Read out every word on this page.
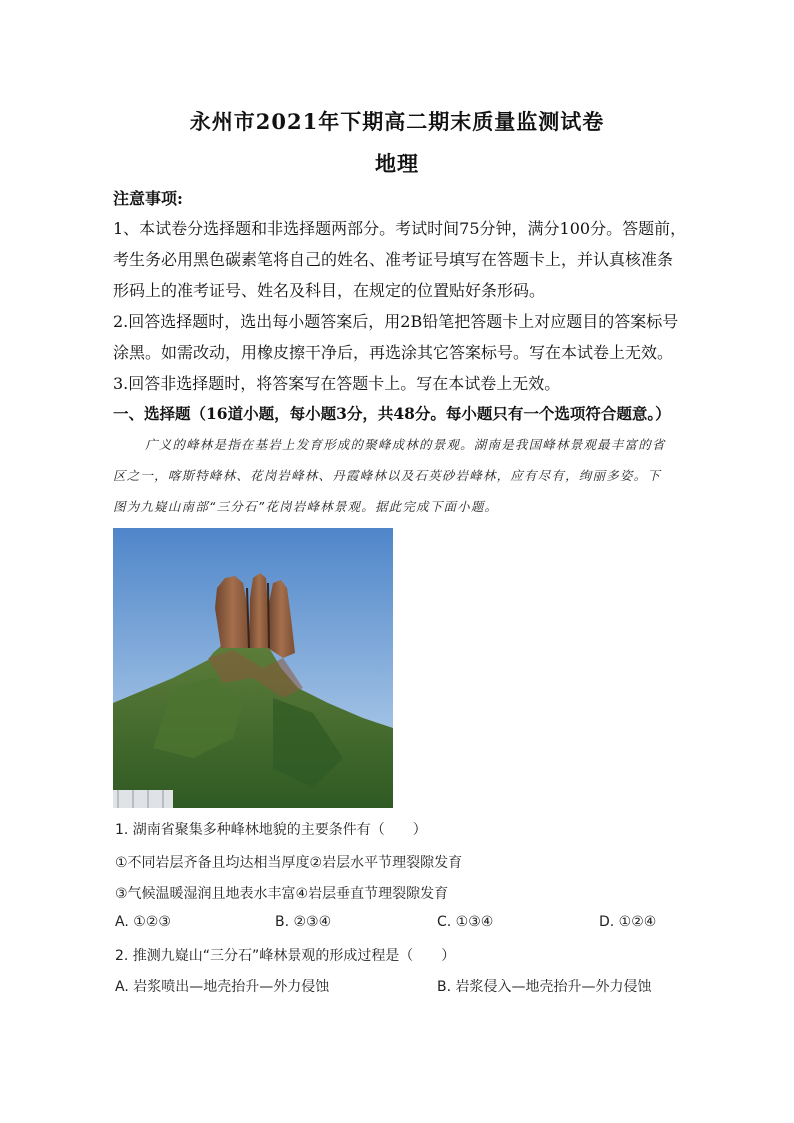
永州市2021年下期高二期末质量监测试卷
地理
注意事项:
1、本试卷分选择题和非选择题两部分。考试时间75分钟，满分100分。答题前，
考生务必用黑色碳素笔将自己的姓名、准考证号填写在答题卡上，并认真核准条
形码上的准考证号、姓名及科目，在规定的位置贴好条形码。
2.回答选择题时，选出每小题答案后，用2B铅笔把答题卡上对应题目的答案标号
涂黑。如需改动，用橡皮擦干净后，再选涂其它答案标号。写在本试卷上无效。
3.回答非选择题时，将答案写在答题卡上。写在本试卷上无效。
一、选择题（16道小题，每小题3分，共48分。每小题只有一个选项符合题意。）
广义的峰林是指在基岩上发育形成的聚峰成林的景观。湖南是我国峰林景观最丰富的省
区之一，喀斯特峰林、花岗岩峰林、丹霞峰林以及石英砂岩峰林，应有尽有，绚丽多姿。下
图为九嶷山南部“三分石”花岗岩峰林景观。据此完成下面小题。
1. 湖南省聚集多种峰林地貌的主要条件有（　　）
①不同岩层齐备且均达相当厚度②岩层水平节理裂隙发育
③气候温暖湿润且地表水丰富④岩层垂直节理裂隙发育
A. ①②③	B. ②③④	C. ①③④	D. ①②④
2. 推测九嶷山“三分石”峰林景观的形成过程是（　　）
A. 岩浆喷出—地壳抬升—外力侵蚀	B. 岩浆侵入—地壳抬升—外力侵蚀
